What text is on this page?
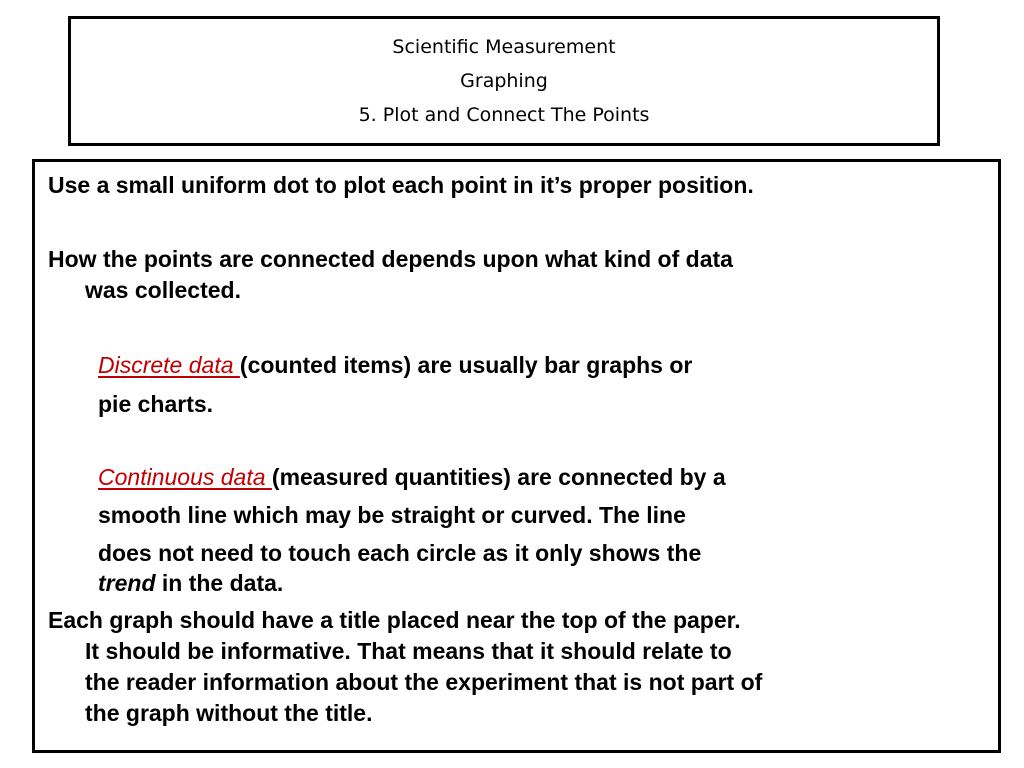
Scientific Measurement
Graphing
5. Plot and Connect The Points

Use a small uniform dot to plot each point in it’s proper position.

How the points are connected depends upon what kind of data

was collected.

Discrete data (counted items) are usually bar graphs or

pie charts.

Continuous data (measured quantities) are connected by a

smooth line which may be straight or curved. The line

does not need to touch each circle as it only shows the

trend in the data.

Each graph should have a title placed near the top of the paper.

It should be informative. That means that it should relate to

the reader information about the experiment that is not part of

the graph without the title.
